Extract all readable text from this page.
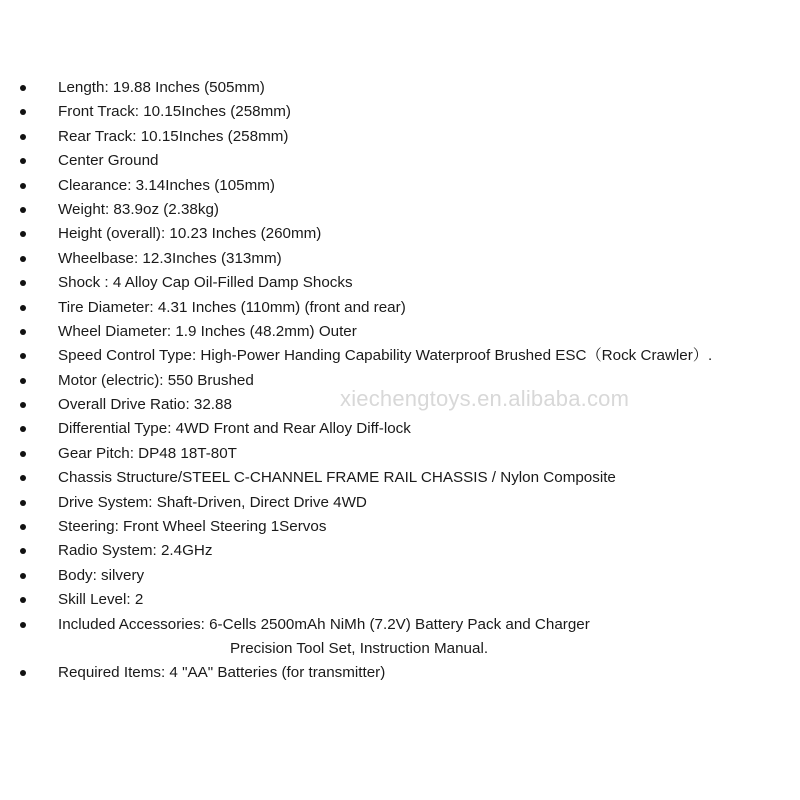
Length: 19.88 Inches (505mm)
Front Track: 10.15Inches (258mm)
Rear Track: 10.15Inches (258mm)
Center Ground
Clearance: 3.14Inches (105mm)
Weight: 83.9oz (2.38kg)
Height (overall): 10.23 Inches (260mm)
Wheelbase: 12.3Inches (313mm)
Shock : 4 Alloy Cap Oil-Filled Damp Shocks
Tire Diameter: 4.31 Inches (110mm) (front and rear)
Wheel Diameter: 1.9 Inches (48.2mm) Outer
Speed Control Type: High-Power Handing Capability Waterproof Brushed ESC（Rock Crawler）.
Motor (electric): 550 Brushed
Overall Drive Ratio: 32.88
Differential Type: 4WD Front and Rear Alloy Diff-lock
Gear Pitch: DP48 18T-80T
Chassis Structure/STEEL C-CHANNEL FRAME RAIL CHASSIS / Nylon Composite
Drive System: Shaft-Driven, Direct Drive 4WD
Steering: Front Wheel Steering 1Servos
Radio System: 2.4GHz
Body: silvery
Skill Level: 2
Included Accessories: 6-Cells 2500mAh NiMh (7.2V) Battery Pack and Charger
Precision Tool Set, Instruction Manual.
Required Items: 4 "AA" Batteries (for transmitter)
xiechengtoys.en.alibaba.com
